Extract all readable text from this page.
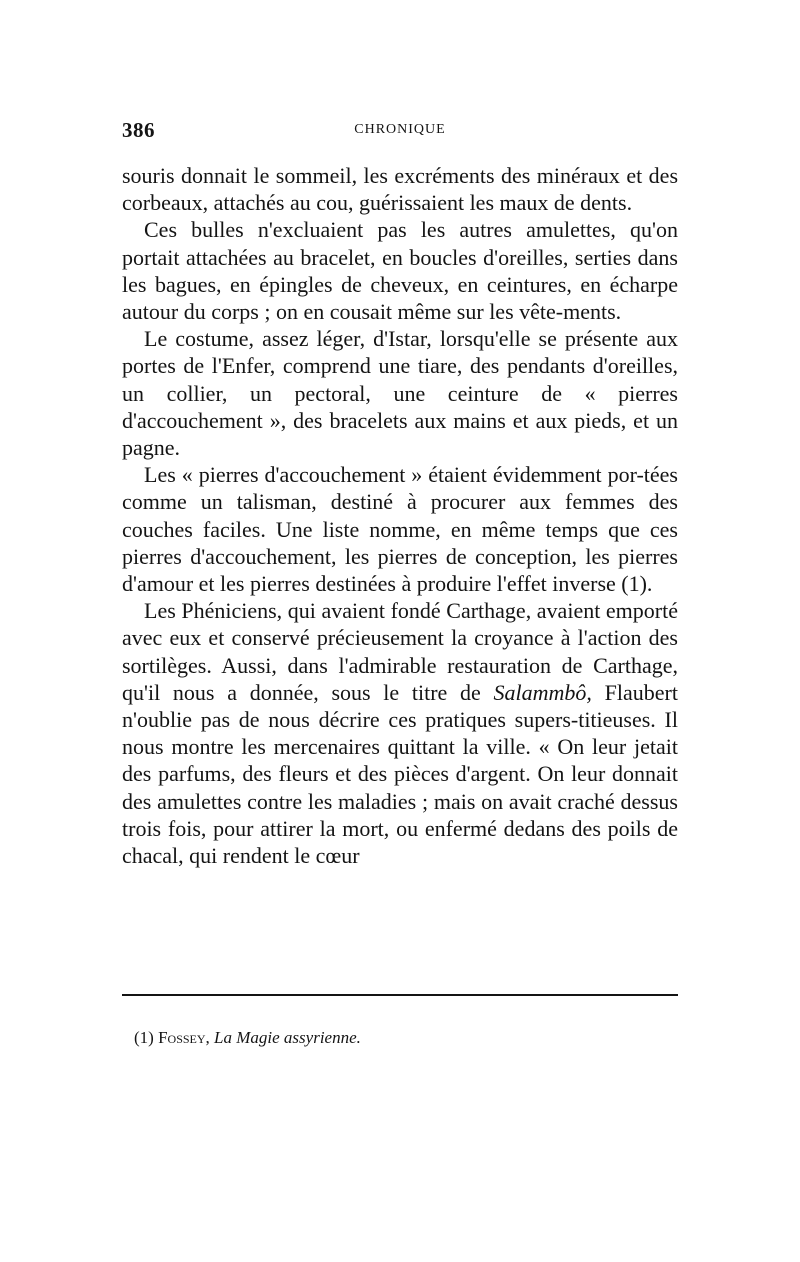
386	CHRONIQUE

souris donnait le sommeil, les excréments des minéraux et des corbeaux, attachés au cou, guérissaient les maux de dents.

Ces bulles n'excluaient pas les autres amulettes, qu'on portait attachées au bracelet, en boucles d'oreilles, serties dans les bagues, en épingles de cheveux, en ceintures, en écharpe autour du corps ; on en cousait même sur les vête-ments.

Le costume, assez léger, d'Istar, lorsqu'elle se présente aux portes de l'Enfer, comprend une tiare, des pendants d'oreilles, un collier, un pectoral, une ceinture de « pierres d'accouchement », des bracelets aux mains et aux pieds, et un pagne.

Les « pierres d'accouchement » étaient évidemment por-tées comme un talisman, destiné à procurer aux femmes des couches faciles. Une liste nomme, en même temps que ces pierres d'accouchement, les pierres de conception, les pierres d'amour et les pierres destinées à produire l'effet inverse (1).

Les Phéniciens, qui avaient fondé Carthage, avaient emporté avec eux et conservé précieusement la croyance à l'action des sortilèges. Aussi, dans l'admirable restauration de Carthage, qu'il nous a donnée, sous le titre de Salammbô, Flaubert n'oublie pas de nous décrire ces pratiques supers-titieuses. Il nous montre les mercenaires quittant la ville. « On leur jetait des parfums, des fleurs et des pièces d'argent. On leur donnait des amulettes contre les maladies ; mais on avait craché dessus trois fois, pour attirer la mort, ou enfermé dedans des poils de chacal, qui rendent le cœur

(1) Fossey, La Magie assyrienne.
